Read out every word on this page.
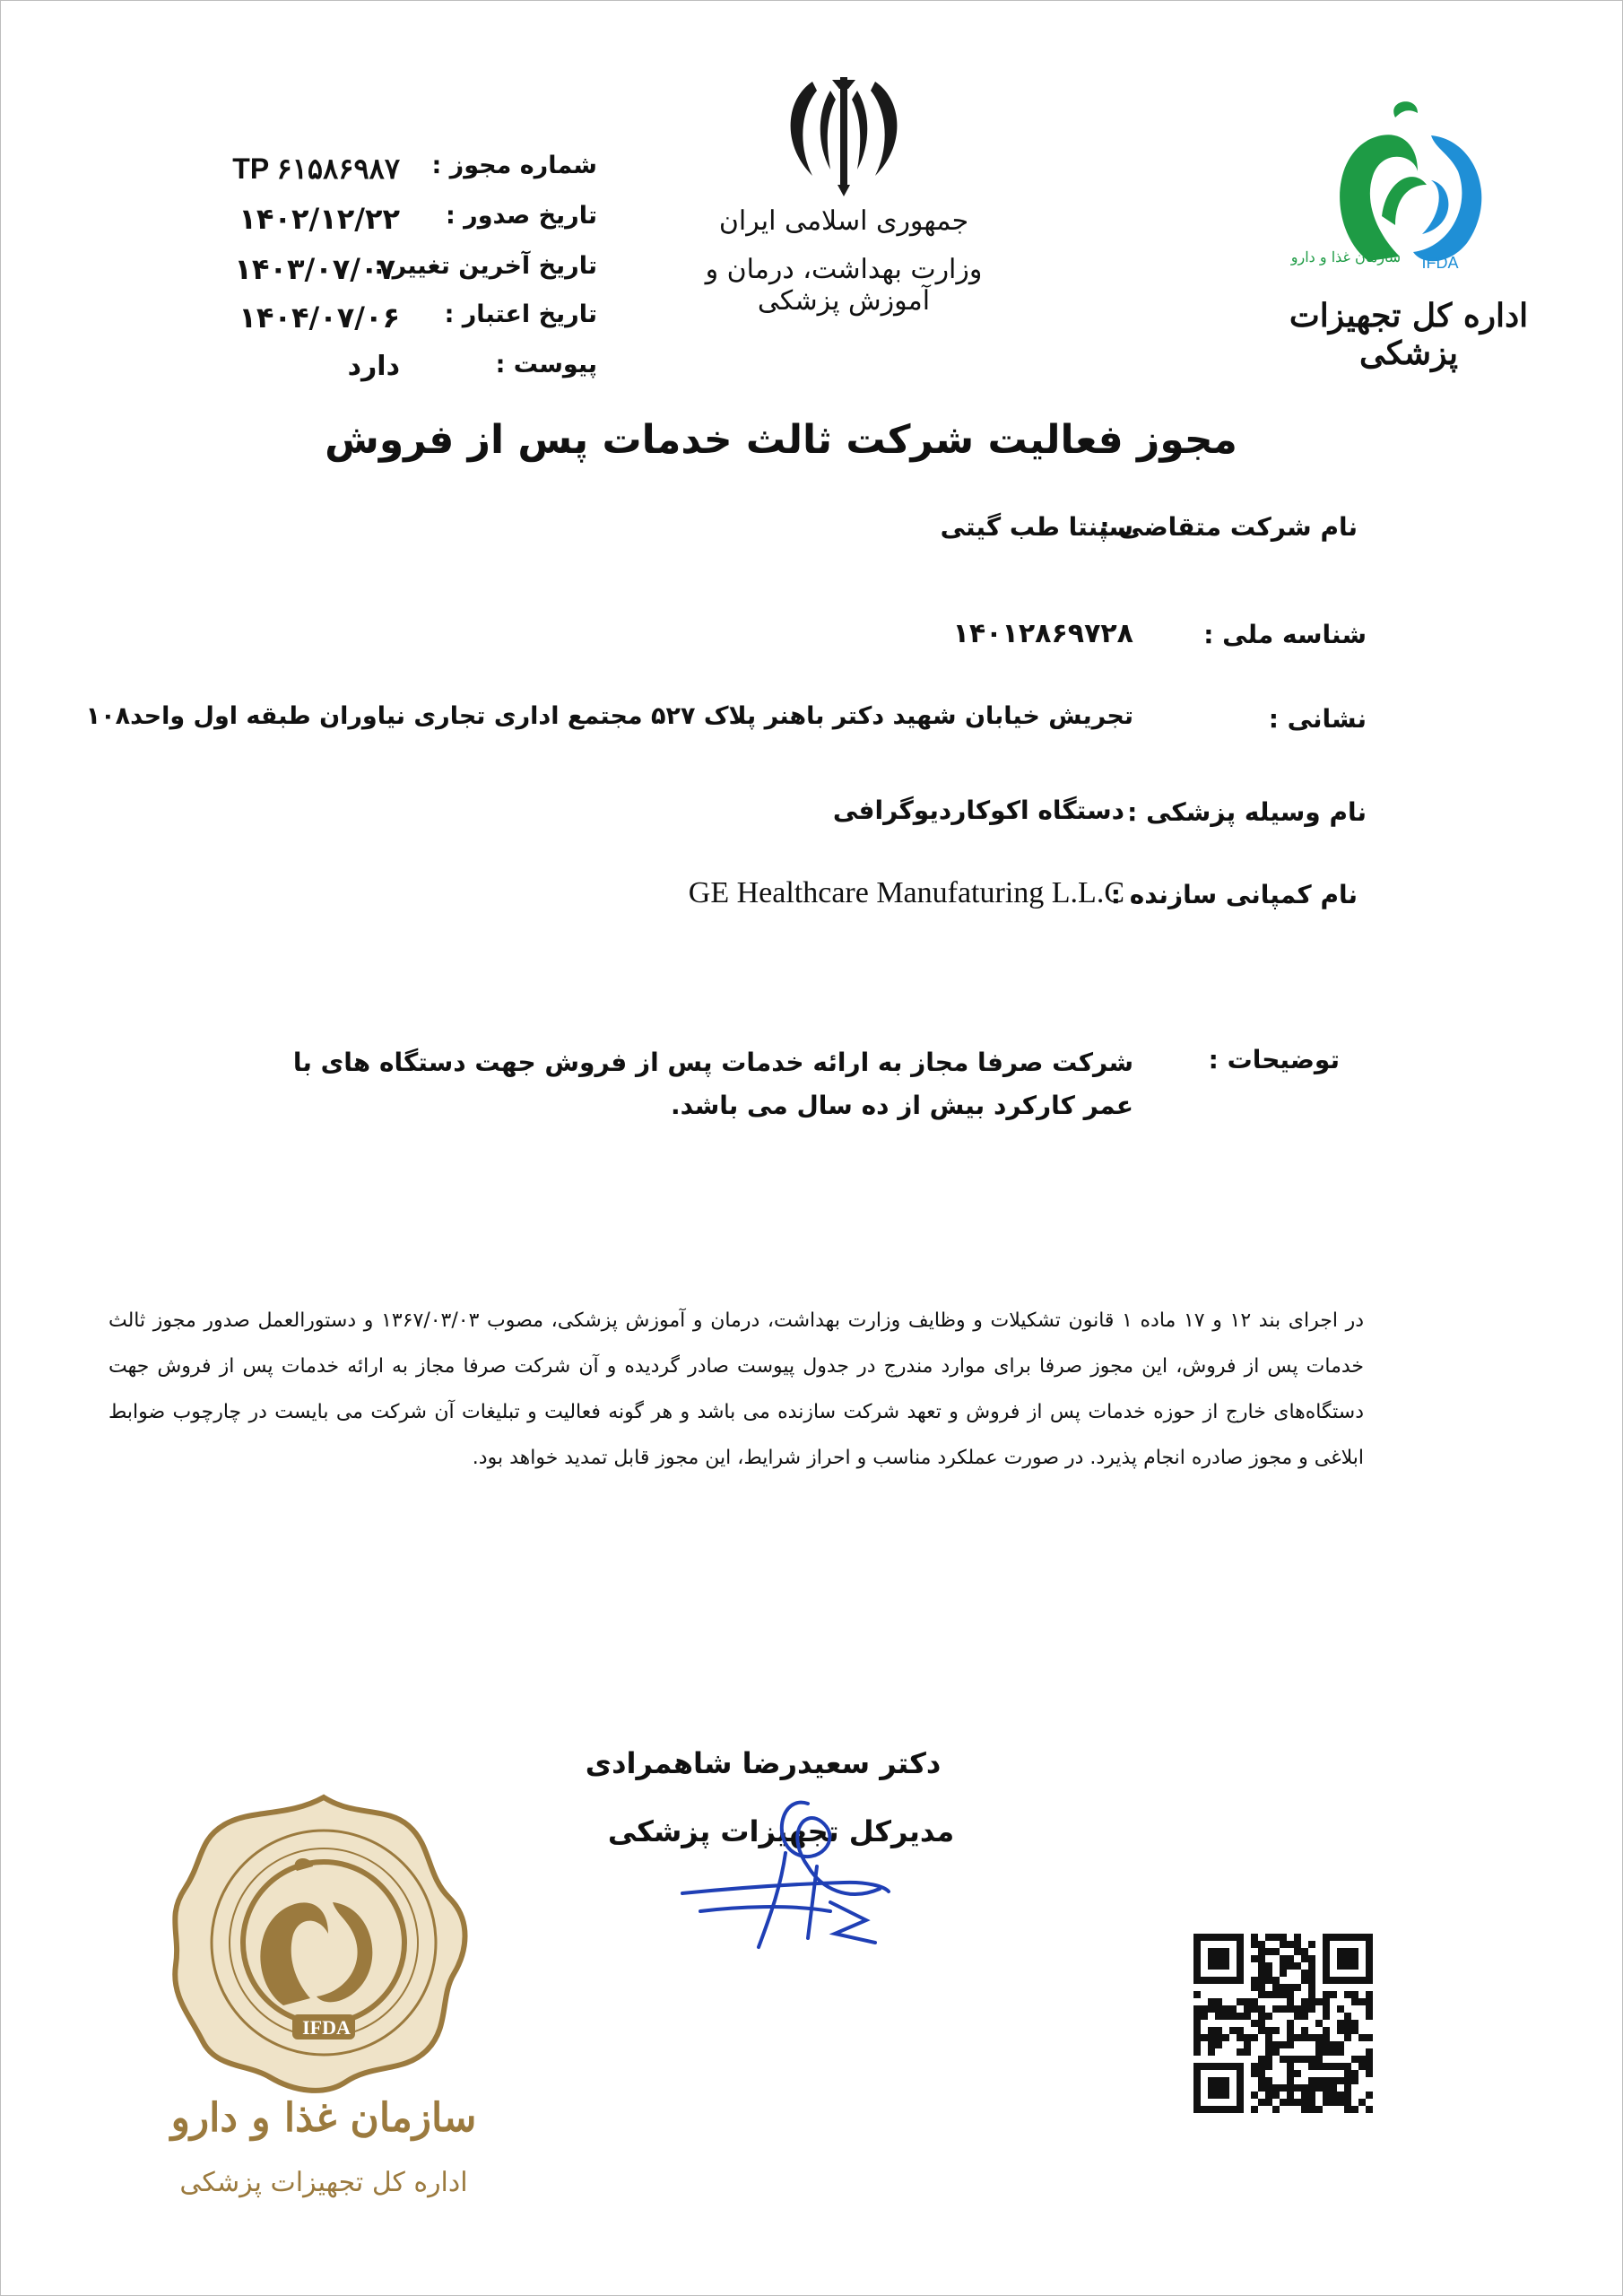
شماره مجوز :
TP ۶۱۵۸۶۹۸۷
تاریخ صدور :
۱۴۰۲/۱۲/۲۲
تاریخ آخرین تغییر :
۱۴۰۳/۰۷/۰۷
تاریخ اعتبار :
۱۴۰۴/۰۷/۰۶
پیوست :
دارد
جمهوری اسلامی ایران
وزارت بهداشت، درمان و آموزش پزشکی
سازمان غذا و دارو	IFDA
اداره کل تجهیزات پزشکی
مجوز فعالیت شرکت ثالث خدمات پس از فروش
نام شرکت متقاضی :
سپنتا طب گیتی
شناسه ملی :
۱۴۰۱۲۸۶۹۷۲۸
نشانی :
تجریش خیابان شهید دکتر باهنر پلاک ۵۲۷ مجتمع اداری تجاری نیاوران طبقه اول واحد۱۰۸
نام وسیله پزشکی :
دستگاه اکوکاردیوگرافی
نام کمپانی سازنده :
GE Healthcare Manufaturing L.L.C
توضیحات :
شرکت صرفا مجاز به ارائه خدمات پس از فروش جهت دستگاه های با عمر کارکرد بیش از ده سال می باشد.
در اجرای بند ۱۲ و ۱۷ ماده ۱ قانون تشکیلات و وظایف وزارت بهداشت، درمان و آموزش پزشکی، مصوب ۱۳۶۷/۰۳/۰۳ و دستورالعمل صدور مجوز ثالث خدمات پس از فروش، این مجوز صرفا برای موارد مندرج در جدول پیوست صادر گردیده و آن شرکت صرفا مجاز به ارائه خدمات پس از فروش جهت دستگاه‌های خارج از حوزه خدمات پس از فروش و تعهد شرکت سازنده می باشد و هر گونه فعالیت و تبلیغات آن شرکت می بایست در چارچوب ضوابط ابلاغی و مجوز صادره انجام پذیرد. در صورت عملکرد مناسب و احراز شرایط، این مجوز قابل تمدید خواهد بود.
دکتر سعیدرضا شاهمرادی
مدیرکل تجهیزات پزشکی
IFDA
سازمان غذا و دارو
اداره کل تجهیزات پزشکی
